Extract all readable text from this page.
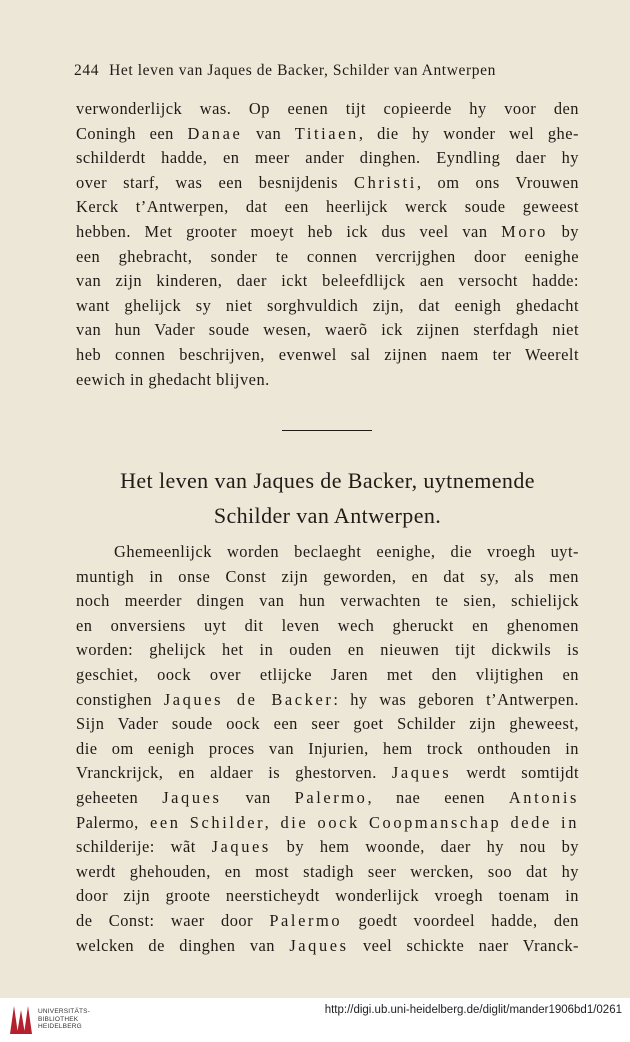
244 Het leven van Jaques de Backer, Schilder van Antwerpen
verwonderlijck was. Op eenen tijt copieerde hy voor den
Coningh een Danae van Titiaen, die hy wonder wel ghe-
schilderdt hadde, en meer ander dinghen. Eyndling daer hy
over starf, was een besnijdenis Christi, om ons Vrouwen
Kerck t’Antwerpen, dat een heerlijck werck soude geweest
hebben. Met grooter moeyt heb ick dus veel van Moro by
een ghebracht, sonder te connen vercrijghen door eenighe
van zijn kinderen, daer ickt beleefdlijck aen versocht hadde:
want ghelijck sy niet sorghvuldich zijn, dat eenigh ghedacht
van hun Vader soude wesen, waerõ ick zijnen sterfdagh niet
heb connen beschrijven, evenwel sal zijnen naem ter Weerelt
eewich in ghedacht blijven.
Het leven van Jaques de Backer, uytnemende
Schilder van Antwerpen.
Ghemeenlijck worden beclaeght eenighe, die vroegh uyt-
muntigh in onse Const zijn geworden, en dat sy, als men
noch meerder dingen van hun verwachten te sien, schielijck
en onversiens uyt dit leven wech gheruckt en ghenomen
worden: ghelijck het in ouden en nieuwen tijt dickwils is
geschiet, oock over etlijcke Jaren met den vlijtighen en
constighen Jaques de Backer: hy was geboren t’Antwerpen.
Sijn Vader soude oock een seer goet Schilder zijn gheweest,
die om eenigh proces van Injurien, hem trock onthouden in
Vranckrijck, en aldaer is ghestorven. Jaques werdt somtijdt
geheeten Jaques van Palermo, nae eenen Antonis
Palermo, een Schilder, die oock Coopmanschap dede in
schilderije: wãt Jaques by hem woonde, daer hy nou by
werdt ghehouden, en most stadigh seer wercken, soo dat hy
door zijn groote neersticheydt wonderlijck vroegh toenam in
de Const: waer door Palermo goedt voordeel hadde, den
welcken de dinghen van Jaques veel schickte naer Vranck-
UNIVERSITÄTS-
BIBLIOTHEK
HEIDELBERG
http://digi.ub.uni-heidelberg.de/diglit/mander1906bd1/0261
